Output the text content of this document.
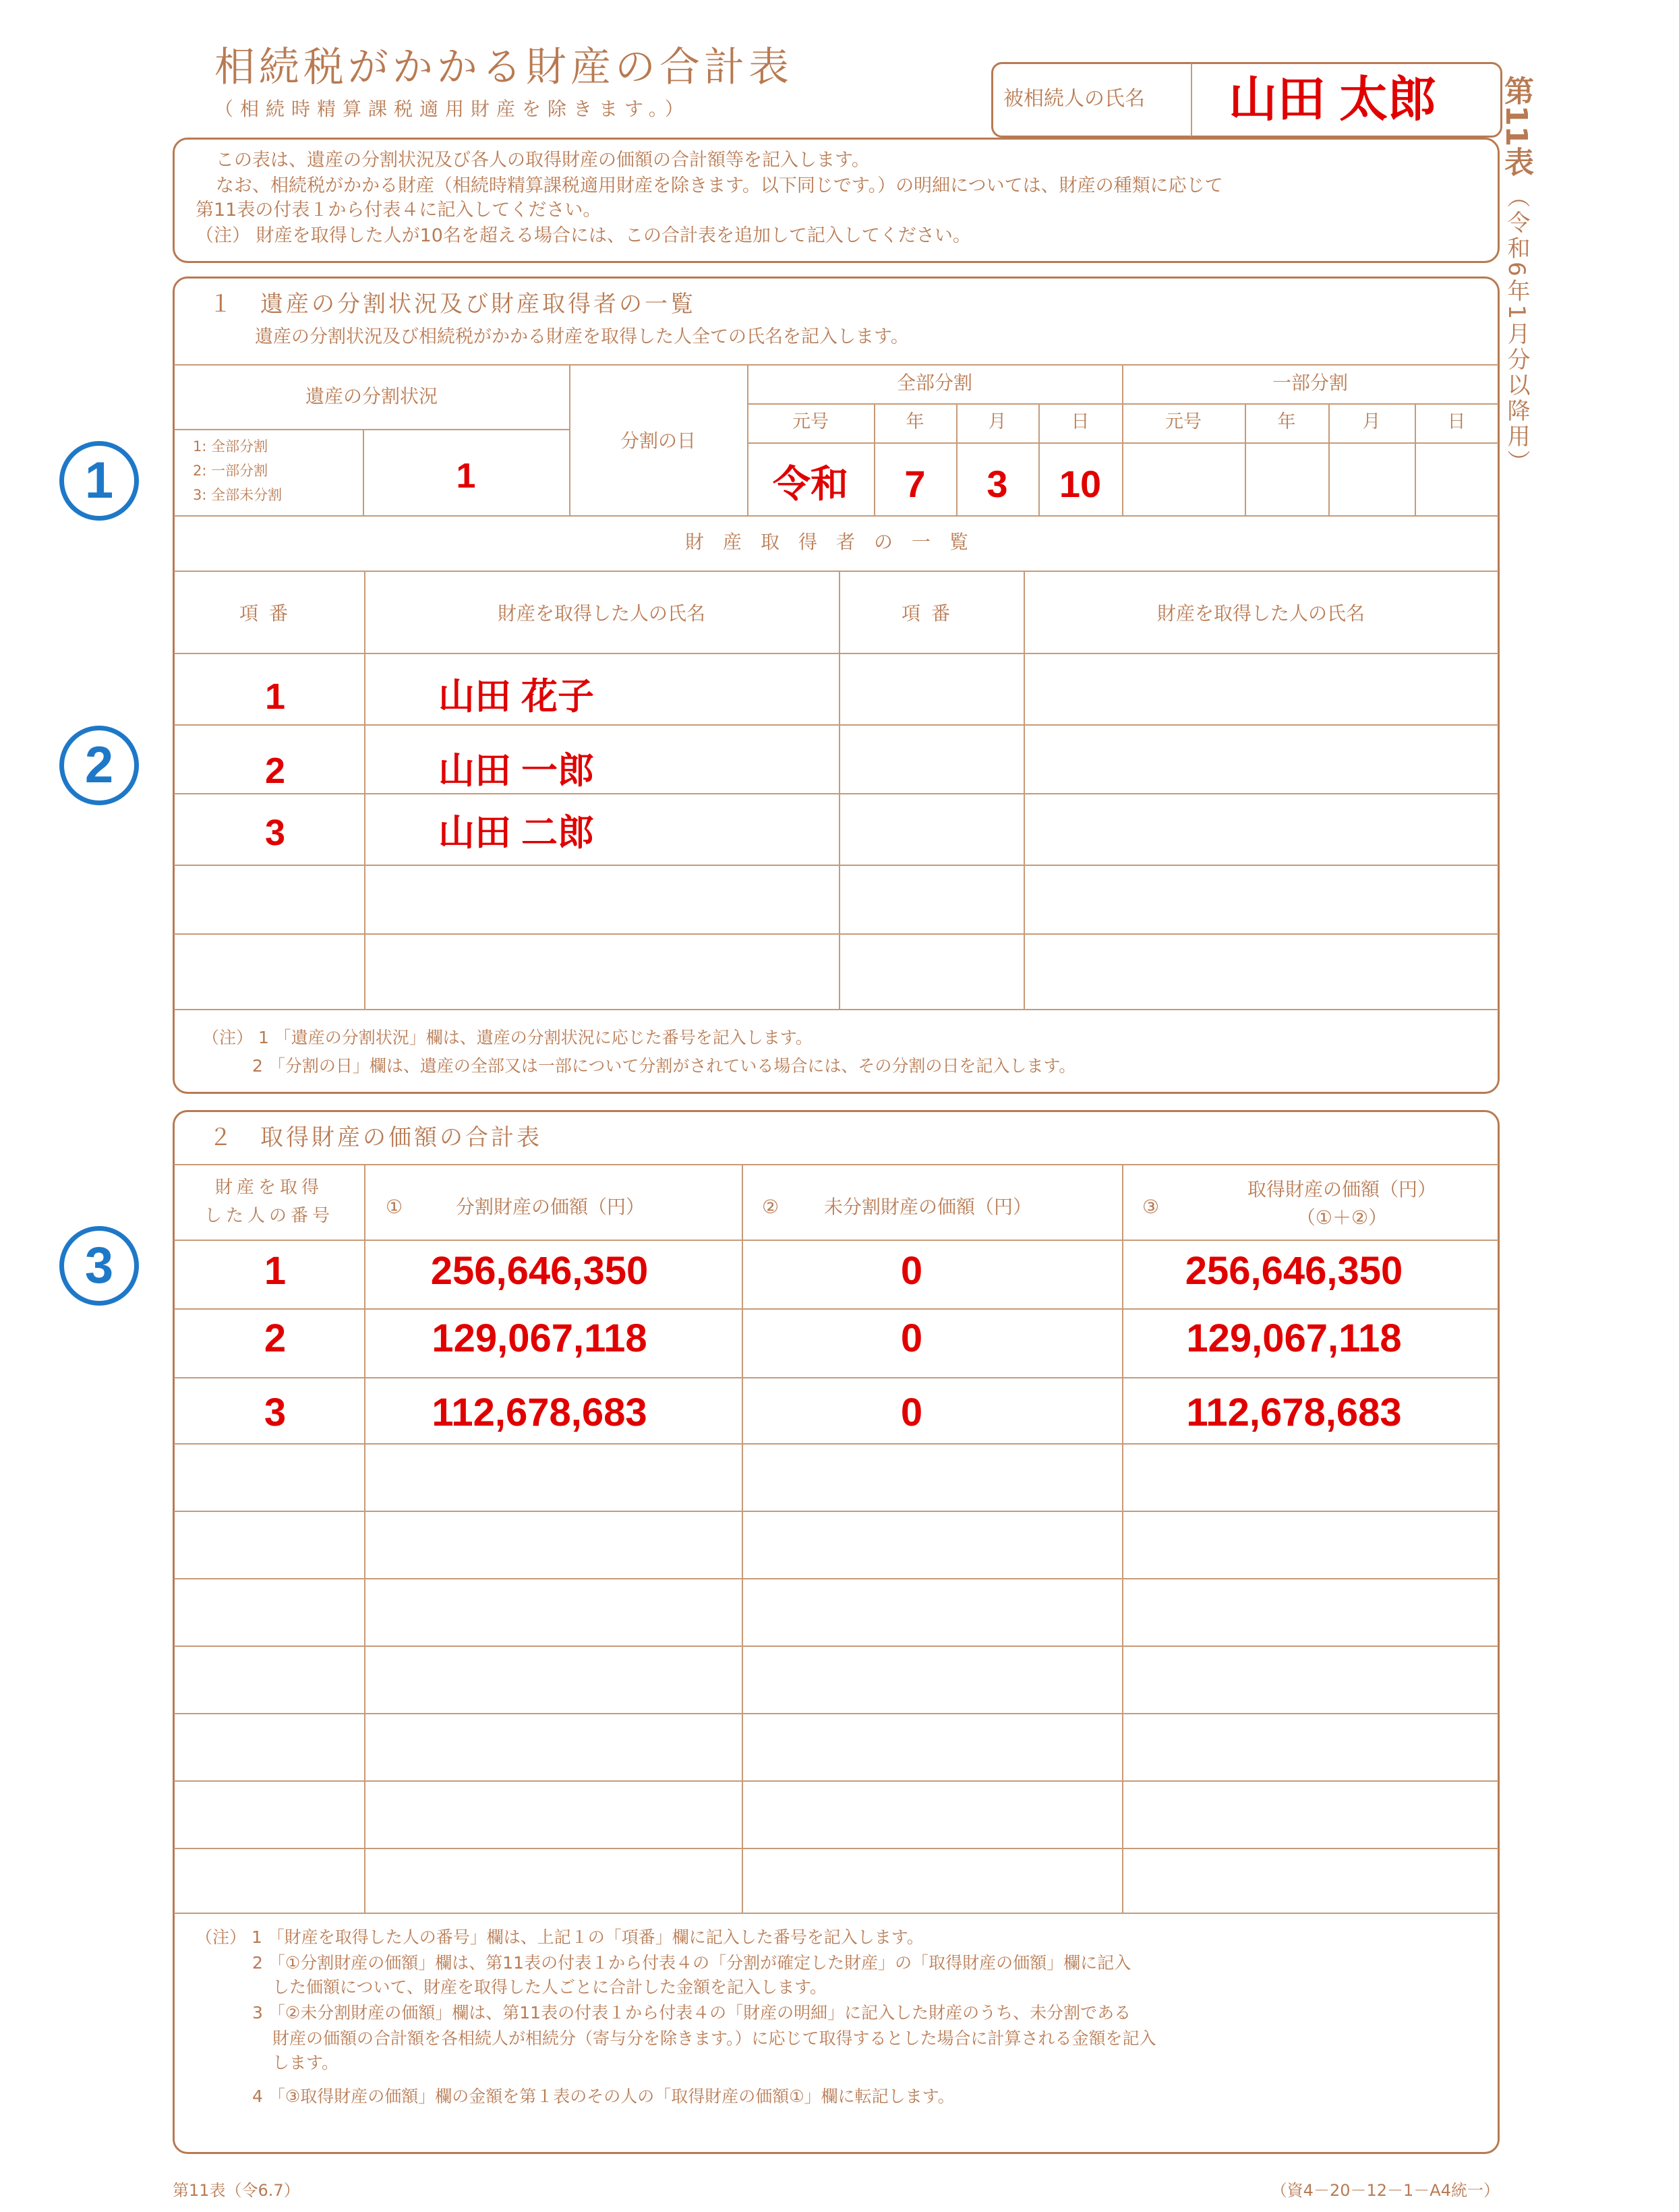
相続税がかかる財産の合計表
（相続時精算課税適用財産を除きます。）	被相続人の氏名 山田 太郎 第11表
（令和6年1月分以降用）
この表は、遺産の分割状況及び各人の取得財産の価額の合計額等を記入します。
なお、相続税がかかる財産（相続時精算課税適用財産を除きます。以下同じです。）の明細については、財産の種類に応じて
第11表の付表１から付表４に記入してください。
（注） 財産を取得した人が10名を超える場合には、この合計表を追加して記入してください。
１　遺産の分割状況及び財産取得者の一覧
遺産の分割状況及び相続税がかかる財産を取得した人全ての氏名を記入します。
遺産の分割状況
1: 全部分割
2: 一部分割
3: 全部未分割	1
分割の日
全部分割	一部分割
元号	年	月	日	元号	年	月	日
令和	7	3	10
財産取得者の一覧
項番	財産を取得した人の氏名	項番	財産を取得した人の氏名
1	山田 花子
2	山田 一郎
3	山田 二郎
（注） 1 「遺産の分割状況」欄は、遺産の分割状況に応じた番号を記入します。
2 「分割の日」欄は、遺産の全部又は一部について分割がされている場合には、その分割の日を記入します。
２　取得財産の価額の合計表
財産を取得
した人の番号	①	分割財産の価額（円）	② 未分割財産の価額（円）	③
取得財産の価額（円）
（①＋②）
1	256,646,350	0	256,646,350
2	129,067,118	0	129,067,118
3	112,678,683	0	112,678,683
（注） 1 「財産を取得した人の番号」欄は、上記１の「項番」欄に記入した番号を記入します。
2 「①分割財産の価額」欄は、第11表の付表１から付表４の「分割が確定した財産」の「取得財産の価額」欄に記入
した価額について、財産を取得した人ごとに合計した金額を記入します。
3 「②未分割財産の価額」欄は、第11表の付表１から付表４の「財産の明細」に記入した財産のうち、未分割である
財産の価額の合計額を各相続人が相続分（寄与分を除きます。）に応じて取得するとした場合に計算される金額を記入
します。
4 「③取得財産の価額」欄の金額を第１表のその人の「取得財産の価額①」欄に転記します。
第11表（令6.7）	（資4－20－12－1－A4統一）
1
2
3
